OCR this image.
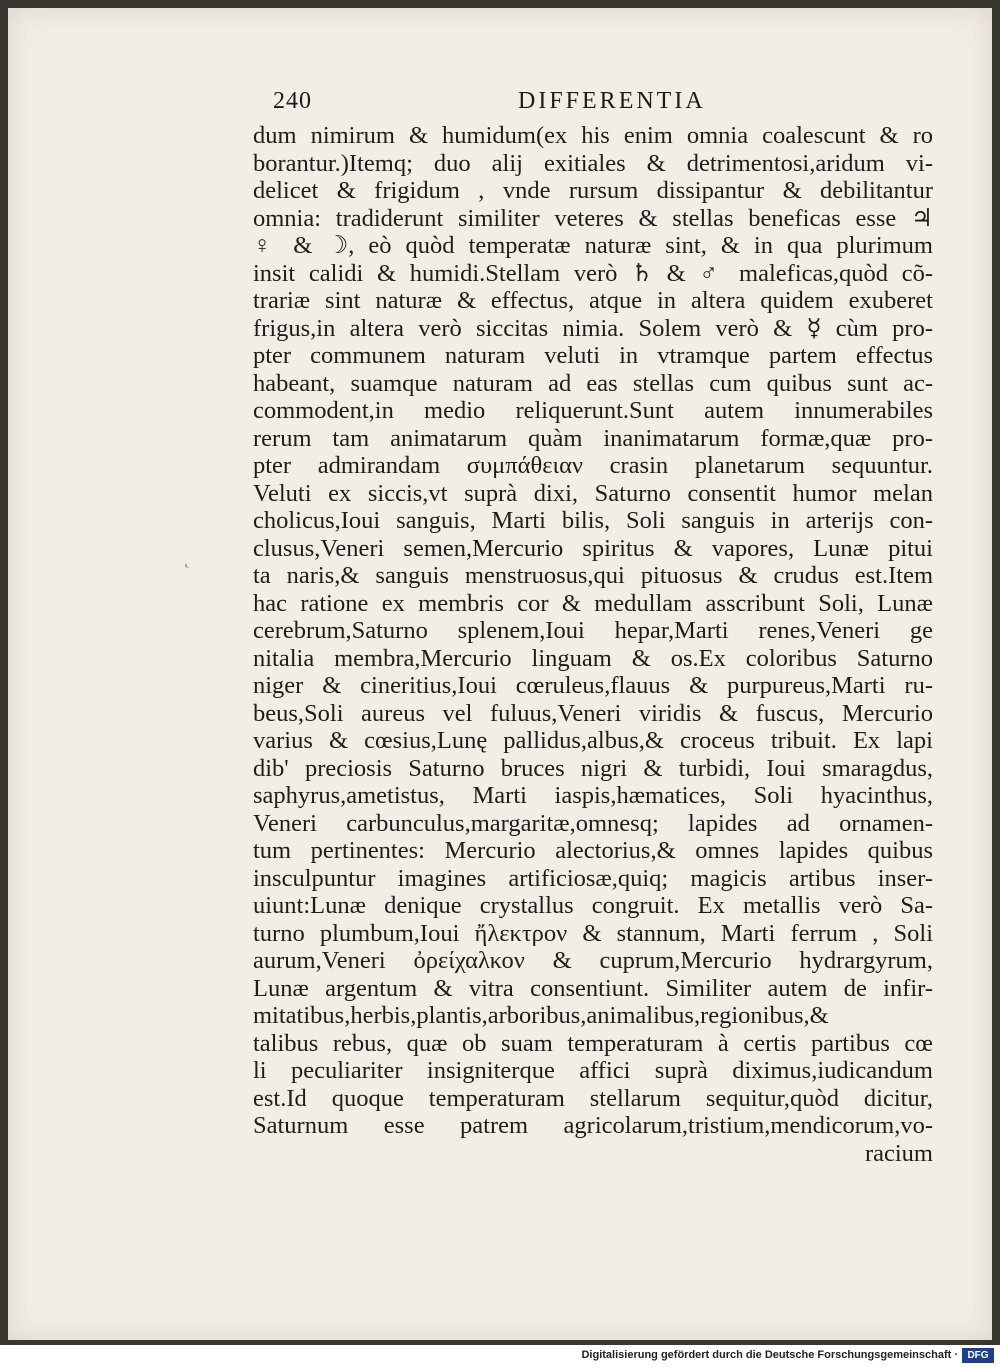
240	DIFFERENTIA
˛
dum nimirum & humidum(ex his enim omnia coalescunt & ro
borantur.)Itemq; duo alij exitiales & detrimentosi,aridum vi-
delicet & frigidum , vnde rursum dissipantur & debilitantur
omnia: tradiderunt similiter veteres & stellas beneficas esse ♃
♀ & ☽, eò quòd temperatæ naturæ sint, & in qua plurimum
insit calidi & humidi.Stellam verò ♄ & ♂ maleficas,quòd cõ-
trariæ sint naturæ & effectus, atque in altera quidem exuberet
frigus,in altera verò siccitas nimia. Solem verò & ☿ cùm pro-
pter communem naturam veluti in vtramque partem effectus
habeant, suamque naturam ad eas stellas cum quibus sunt ac-
commodent,in medio reliquerunt.Sunt autem innumerabiles
rerum tam animatarum quàm inanimatarum formæ,quæ pro-
pter admirandam συμπάθειαν crasin planetarum sequuntur.
Veluti ex siccis,vt suprà dixi, Saturno consentit humor melan
cholicus,Ioui sanguis, Marti bilis, Soli sanguis in arterijs con-
clusus,Veneri semen,Mercurio spiritus & vapores, Lunæ pitui
ta naris,& sanguis menstruosus,qui pituosus & crudus est.Item
hac ratione ex membris cor & medullam asscribunt Soli, Lunæ
cerebrum,Saturno splenem,Ioui hepar,Marti renes,Veneri ge
nitalia membra,Mercurio linguam & os.Ex coloribus Saturno
niger & cineritius,Ioui cœruleus,flauus & purpureus,Marti ru-
beus,Soli aureus vel fuluus,Veneri viridis & fuscus, Mercurio
varius & cœsius,Lunę pallidus,albus,& croceus tribuit. Ex lapi
dib' preciosis Saturno bruces nigri & turbidi, Ioui smaragdus,
saphyrus,ametistus, Marti iaspis,hæmatices, Soli hyacinthus,
Veneri carbunculus,margaritæ,omnesq; lapides ad ornamen-
tum pertinentes: Mercurio alectorius,& omnes lapides quibus
insculpuntur imagines artificiosæ,quiq; magicis artibus inser-
uiunt:Lunæ denique crystallus congruit. Ex metallis verò Sa-
turno plumbum,Ioui ἤλεκτρον & stannum, Marti ferrum , Soli
aurum,Veneri ὀρείχαλκον & cuprum,Mercurio hydrargyrum,
Lunæ argentum & vitra consentiunt. Similiter autem de infir-
mitatibus,herbis,plantis,arboribus,animalibus,regionibus,&
talibus rebus, quæ ob suam temperaturam à certis partibus cœ
li peculiariter insigniterque affici suprà diximus,iudicandum
est.Id quoque temperaturam stellarum sequitur,quòd dicitur,
Saturnum esse patrem agricolarum,tristium,mendicorum,vo-
racium
Digitalisierung gefördert durch die Deutsche Forschungsgemeinschaft · DFG
